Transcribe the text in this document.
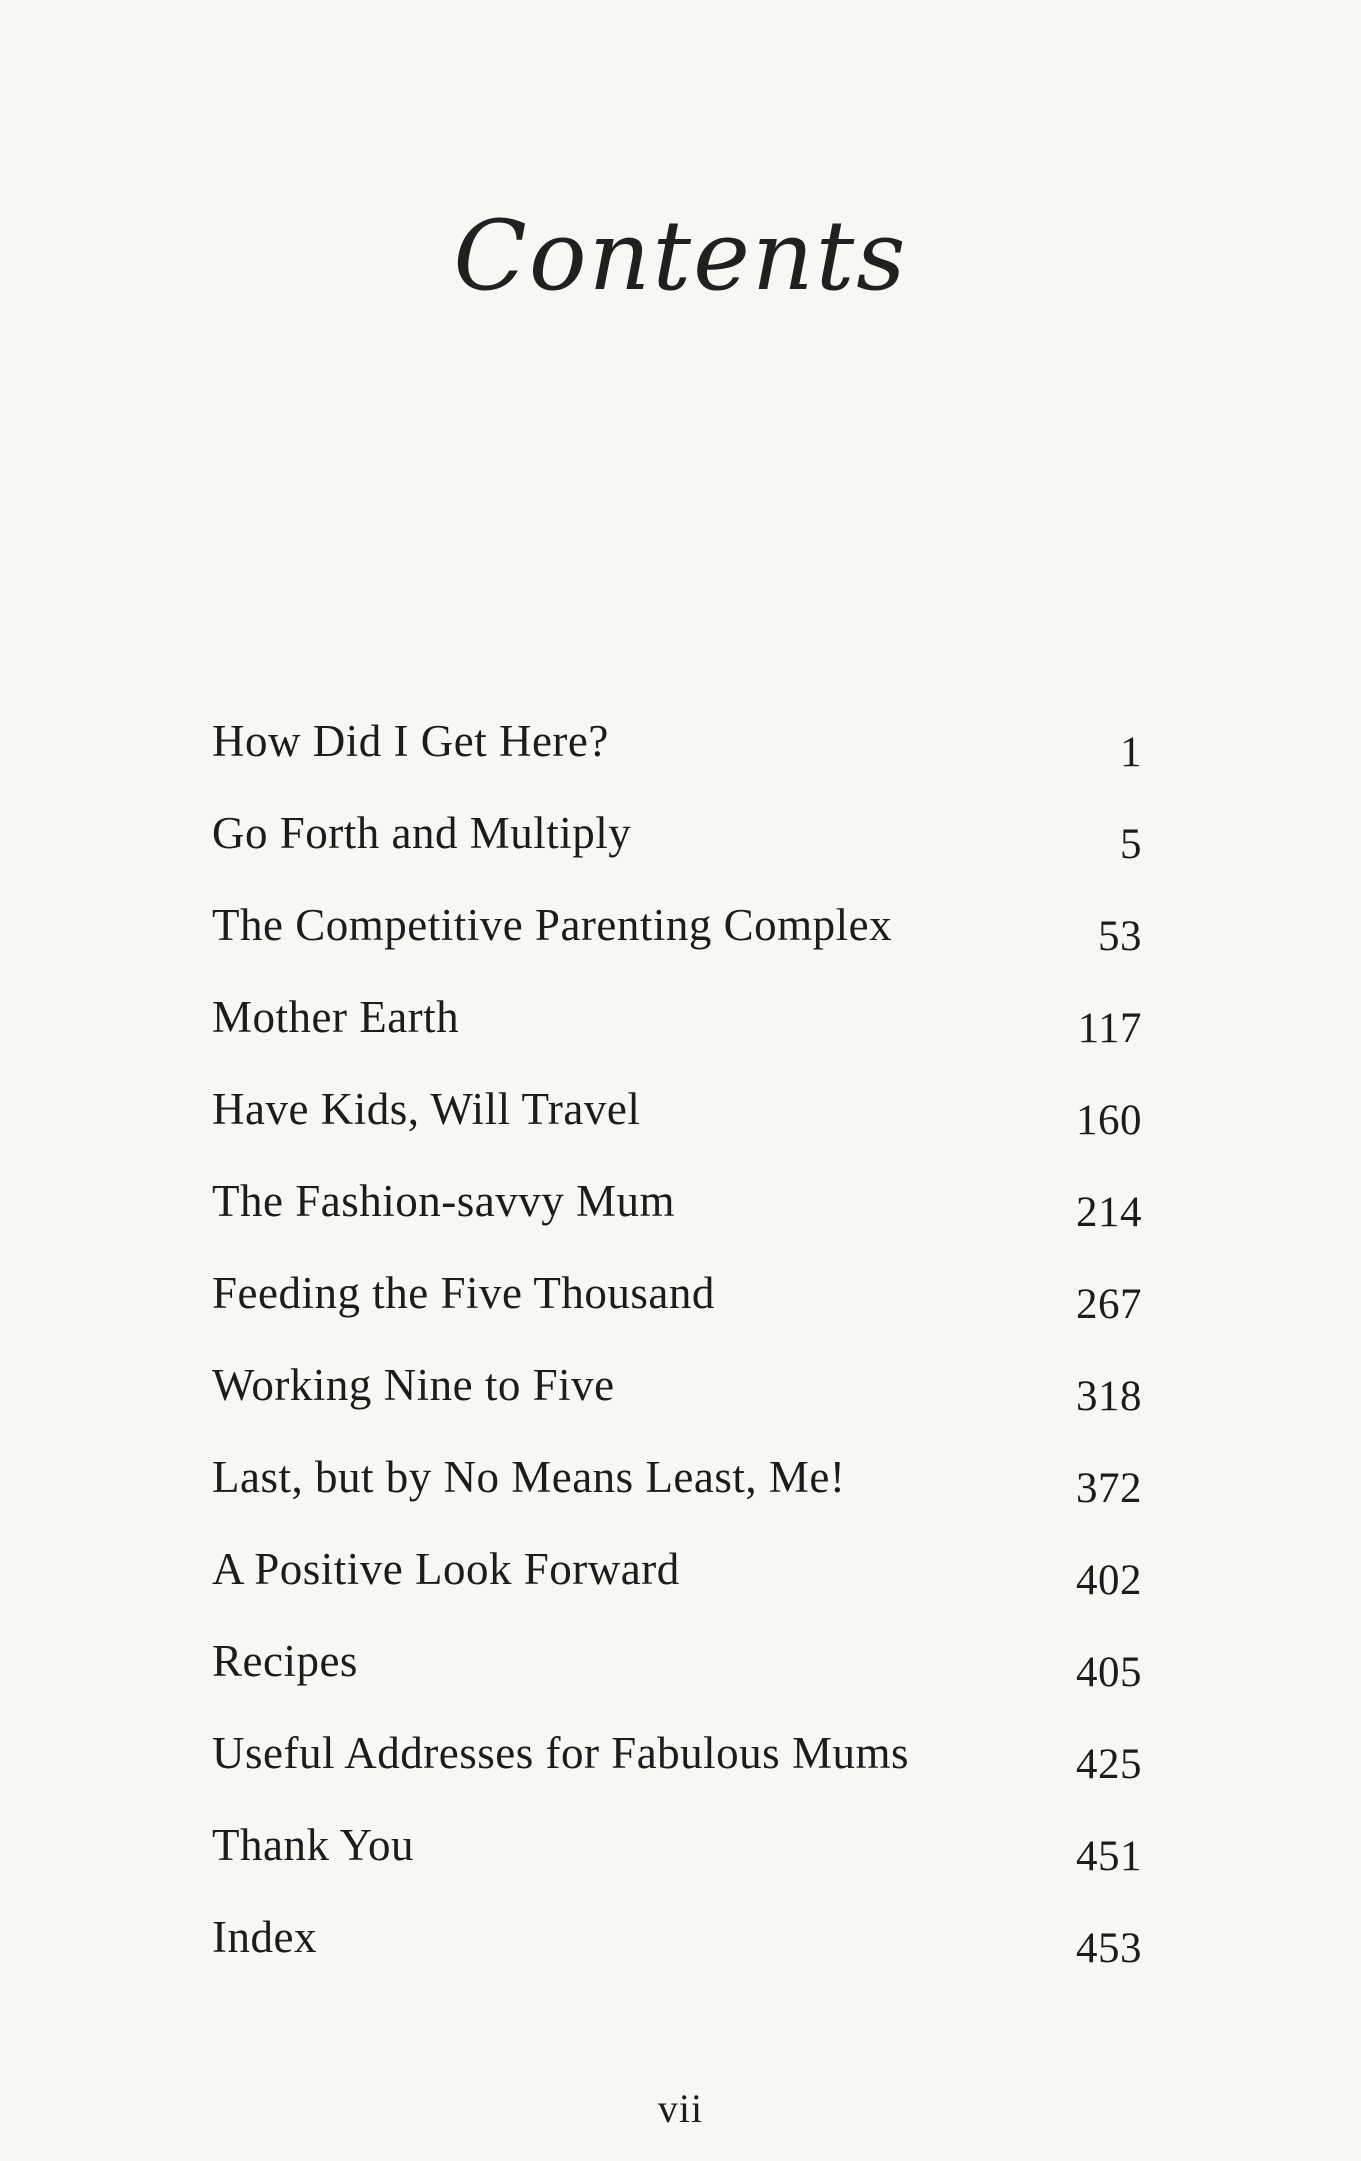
Contents
How Did I Get Here?	1
Go Forth and Multiply	5
The Competitive Parenting Complex	53
Mother Earth	117
Have Kids, Will Travel	160
The Fashion-savvy Mum	214
Feeding the Five Thousand	267
Working Nine to Five	318
Last, but by No Means Least, Me!	372
A Positive Look Forward	402
Recipes	405
Useful Addresses for Fabulous Mums	425
Thank You	451
Index	453
vii
